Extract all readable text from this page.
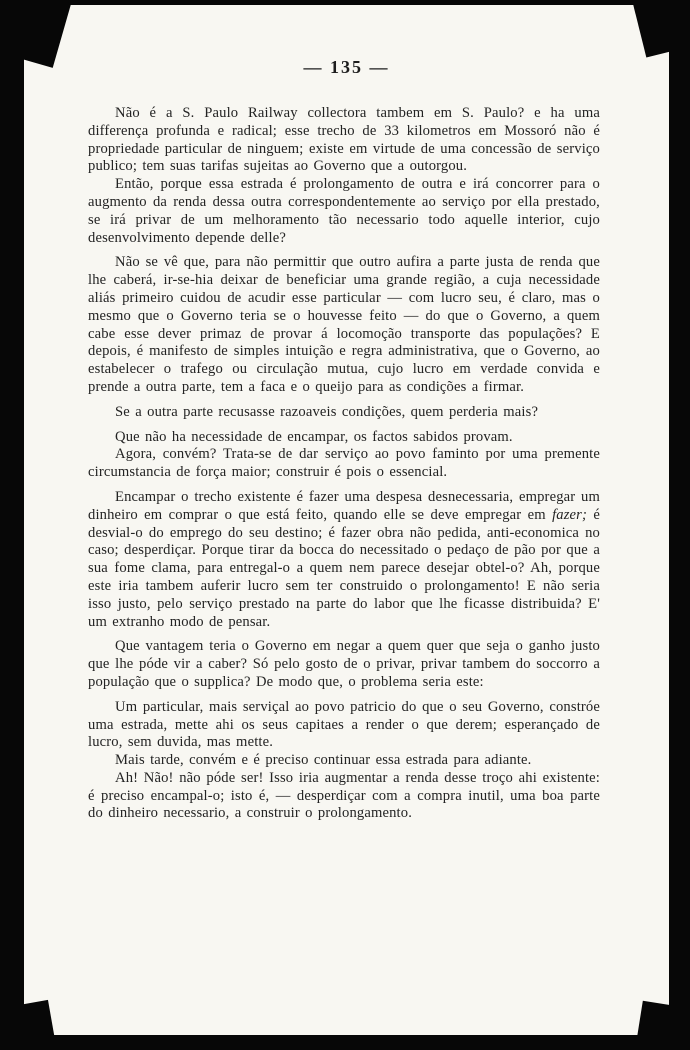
— 135 —

Não é a S. Paulo Railway collectora tambem em S. Paulo? e ha uma differença profunda e radical; esse trecho de 33 kilometros em Mossoró não é propriedade particular de ninguem; existe em virtude de uma concessão de serviço publico; tem suas tarifas sujeitas ao Governo que a outorgou.

Então, porque essa estrada é prolongamento de outra e irá concorrer para o augmento da renda dessa outra correspondentemente ao serviço por ella prestado, se irá privar de um melhoramento tão necessario todo aquelle interior, cujo desenvolvimento depende delle?

Não se vê que, para não permittir que outro aufira a parte justa de renda que lhe caberá, ir-se-hia deixar de beneficiar uma grande região, a cuja necessidade aliás primeiro cuidou de acudir esse particular — com lucro seu, é claro, mas o mesmo que o Governo teria se o houvesse feito — do que o Governo, a quem cabe esse dever primaz de provar á locomoção transporte das populações? E depois, é manifesto de simples intuição e regra administrativa, que o Governo, ao estabelecer o trafego ou circulação mutua, cujo lucro em verdade convida e prende a outra parte, tem a faca e o queijo para as condições a firmar.

Se a outra parte recusasse razoaveis condições, quem perderia mais?

Que não ha necessidade de encampar, os factos sabidos provam.

Agora, convém? Trata-se de dar serviço ao povo faminto por uma premente circumstancia de força maior; construir é pois o essencial.

Encampar o trecho existente é fazer uma despesa desnecessaria, empregar um dinheiro em comprar o que está feito, quando elle se deve empregar em fazer; é desvial-o do emprego do seu destino; é fazer obra não pedida, anti-economica no caso; desperdiçar. Porque tirar da bocca do necessitado o pedaço de pão por que a sua fome clama, para entregal-o a quem nem parece desejar obtel-o? Ah, porque este iria tambem auferir lucro sem ter construido o prolongamento! E não seria isso justo, pelo serviço prestado na parte do labor que lhe ficasse distribuida? E' um extranho modo de pensar.

Que vantagem teria o Governo em negar a quem quer que seja o ganho justo que lhe póde vir a caber? Só pelo gosto de o privar, privar tambem do soccorro a população que o supplica? De modo que, o problema seria este:

Um particular, mais serviçal ao povo patricio do que o seu Governo, constróe uma estrada, mette ahi os seus capitaes a render o que derem; esperançado de lucro, sem duvida, mas mette.

Mais tarde, convém e é preciso continuar essa estrada para adiante.

Ah! Não! não póde ser! Isso iria augmentar a renda desse troço ahi existente: é preciso encampal-o; isto é, — desperdiçar com a compra inutil, uma boa parte do dinheiro necessario, a construir o prolongamento.
